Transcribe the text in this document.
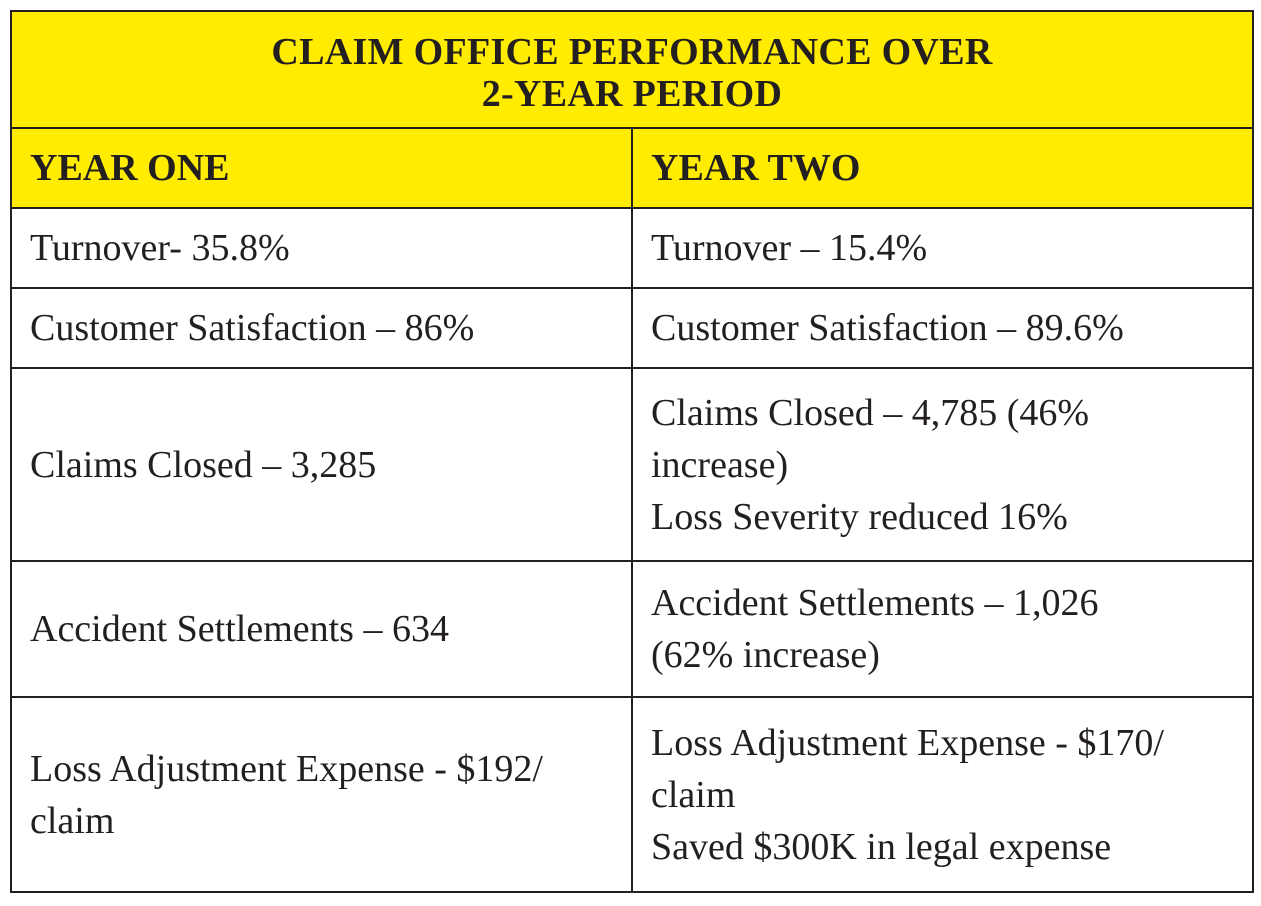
CLAIM OFFICE PERFORMANCE OVER
2-YEAR PERIOD	

YEAR ONE	YEAR TWO

Turnover- 35.8%	Turnover – 15.4%

Customer Satisfaction – 86%	Customer Satisfaction – 89.6%

Claims Closed – 3,285	Claims Closed – 4,785 (46%
increase)
Loss Severity reduced 16%

Accident Settlements – 634	Accident Settlements – 1,026
(62% increase)

Loss Adjustment Expense - $192/
claim	Loss Adjustment Expense - $170/
claim
Saved $300K in legal expense
